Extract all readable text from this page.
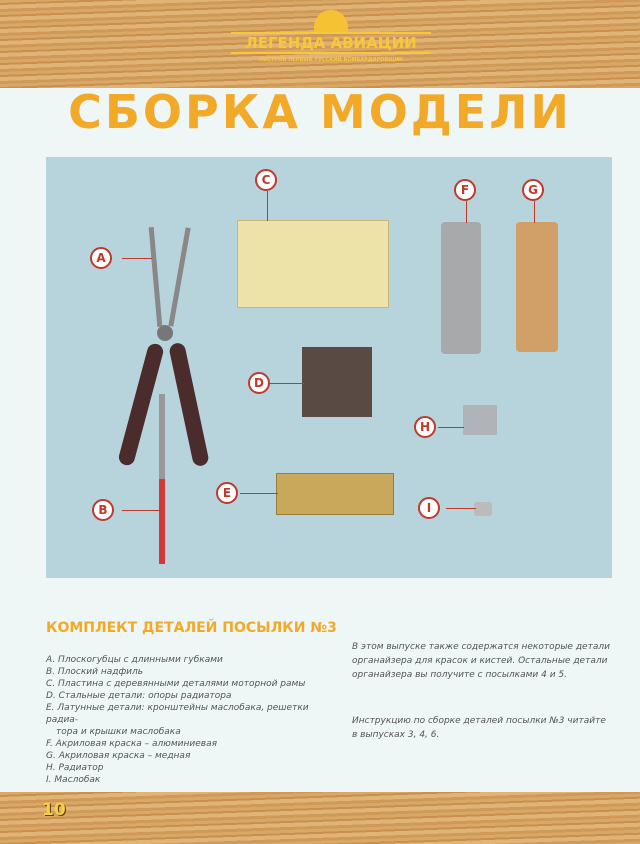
ЛЕГЕНДА АВИАЦИИ
ПОСТРОЙ ПЕРВЫЙ РУССКИЙ БОМБАРДИРОВЩИК
СБОРКА МОДЕЛИ
A
B
C
D
E
F	G
H
I
КОМПЛЕКТ ДЕТАЛЕЙ ПОСЫЛКИ №3
A. Плоскогубцы с длинными губками
B. Плоский надфиль
C. Пластина с деревянными деталями моторной рамы
D. Стальные детали: опоры радиатора
E. Латунные детали: кронштейны маслобака, решетки радиа-
тора и крышки маслобака
F. Акриловая краска – алюминиевая
G. Акриловая краска – медная
H. Радиатор
I. Маслобак
В этом выпуске также содержатся некоторые детали органайзера для красок и кистей. Остальные детали органайзера вы получите с посылками 4 и 5.
Инструкцию по сборке деталей посылки №3 читайте в выпусках 3, 4, 6.
10
